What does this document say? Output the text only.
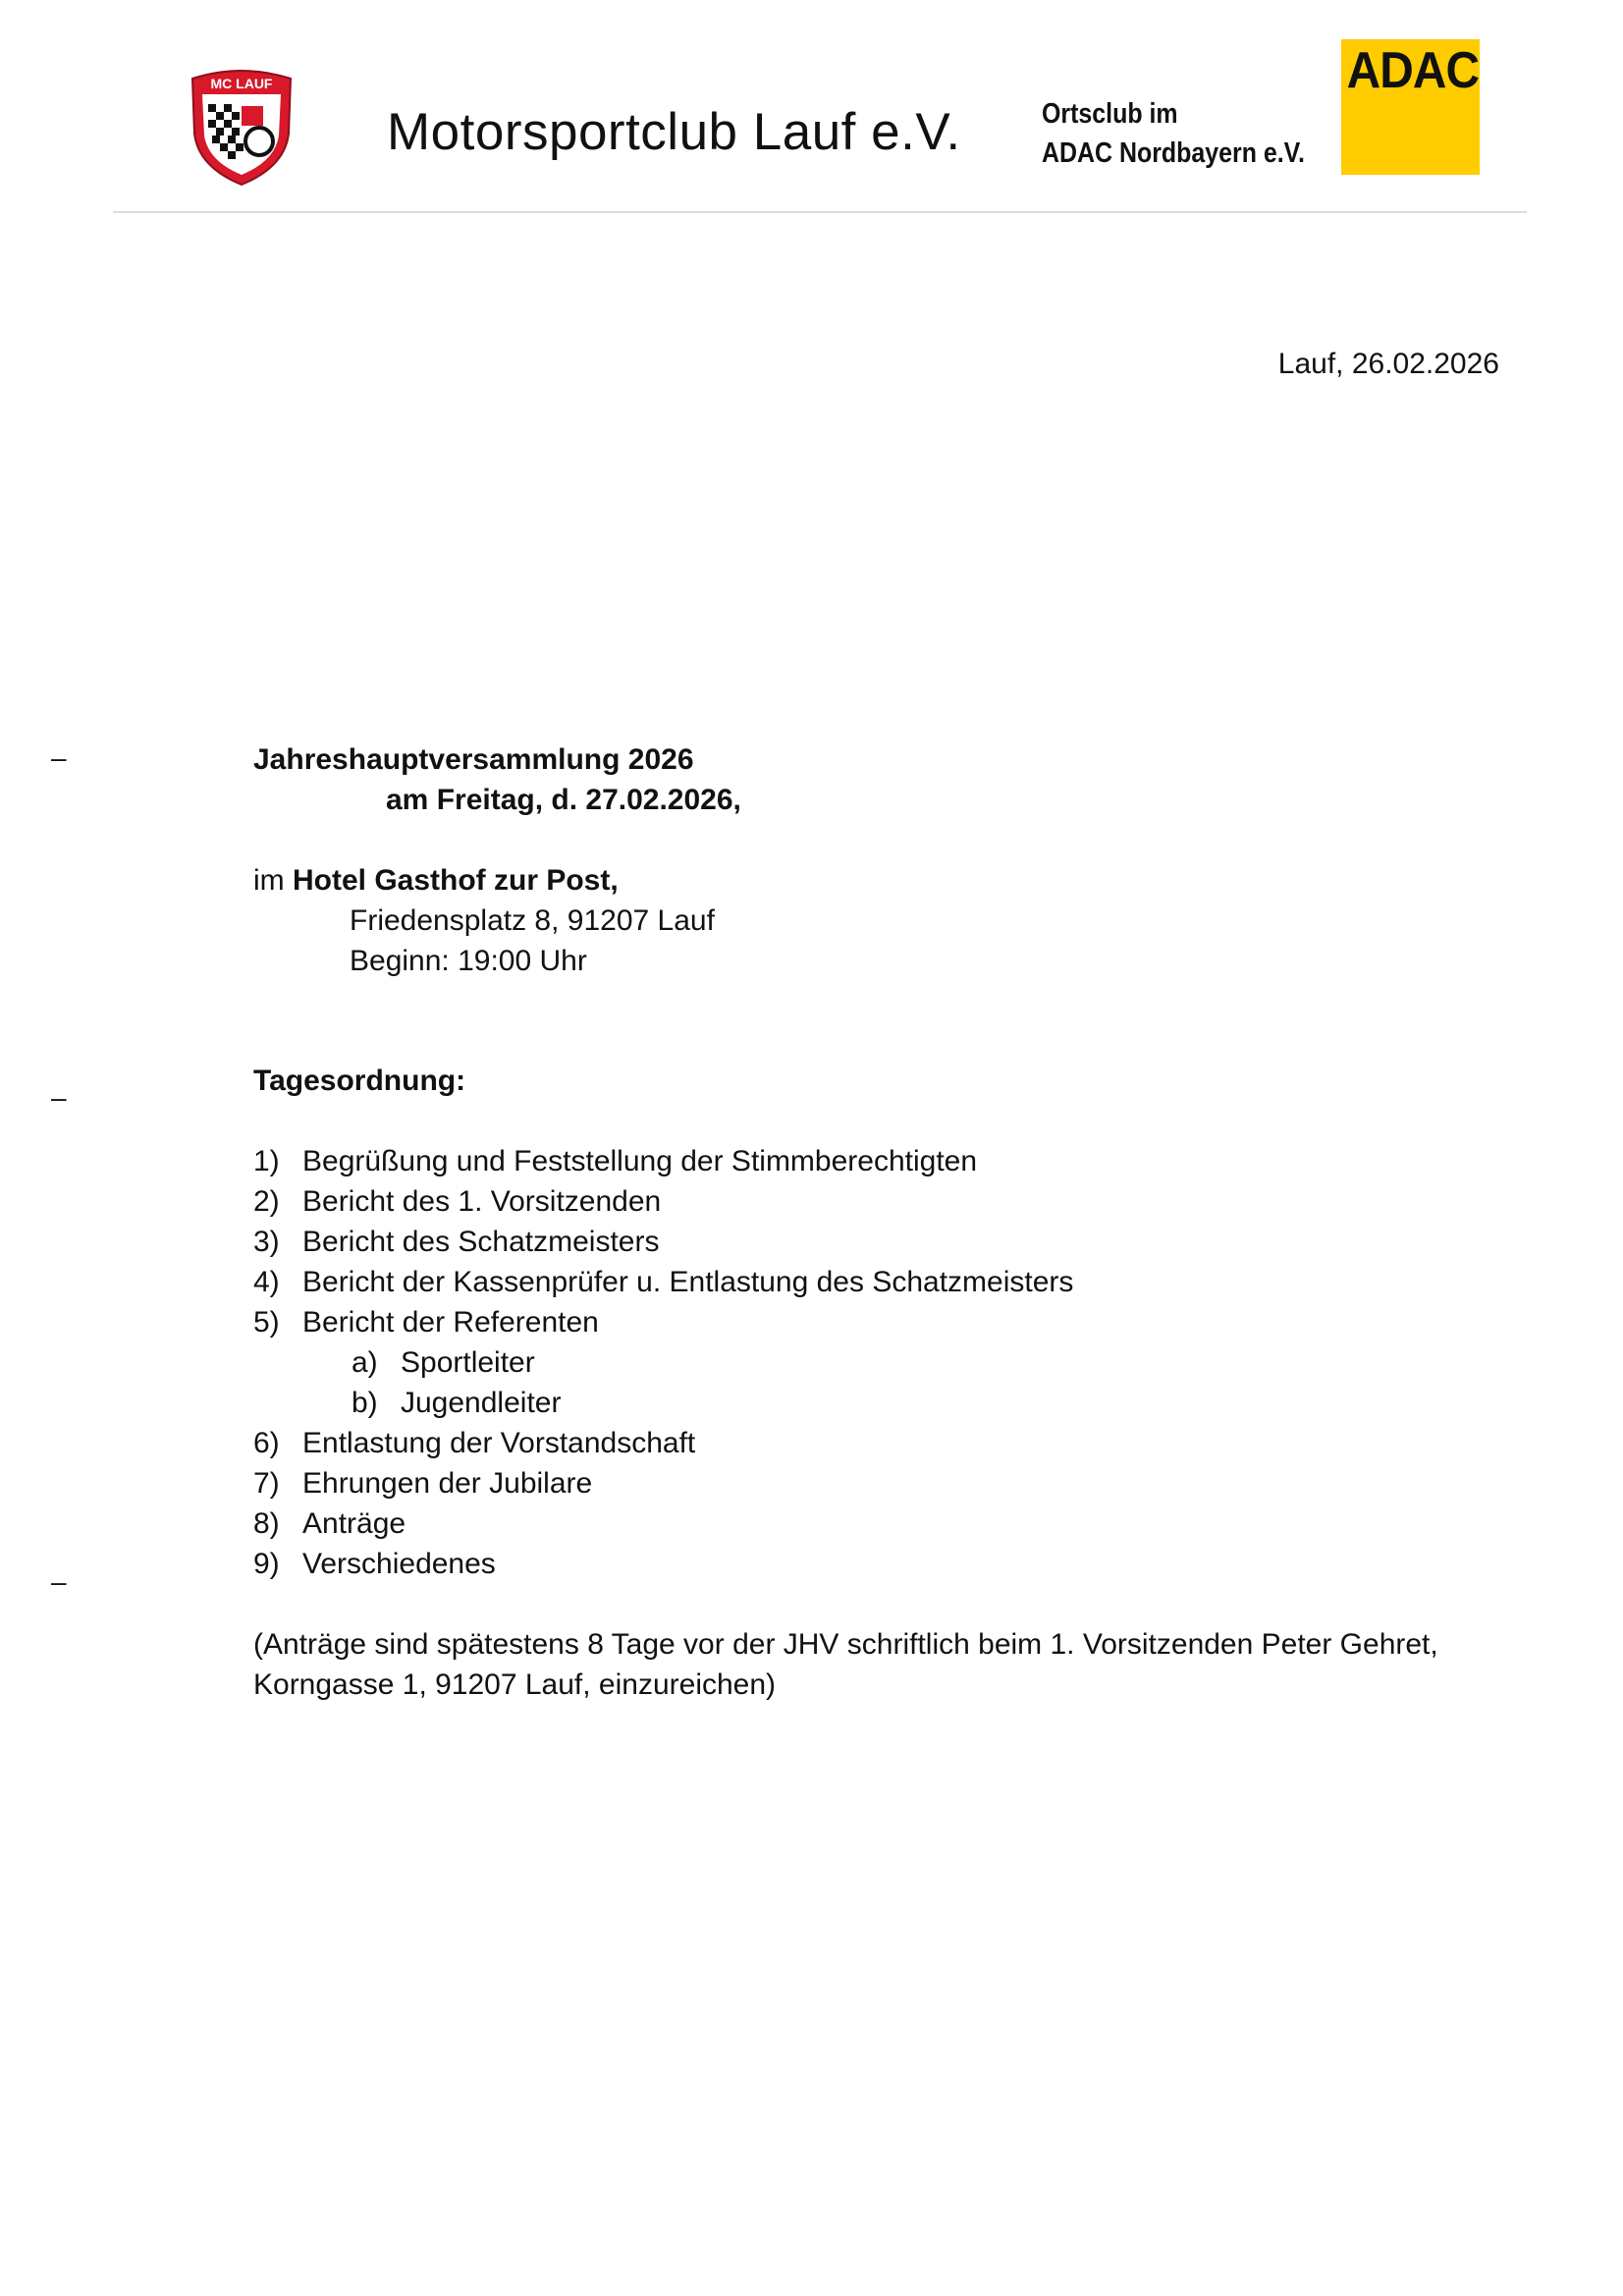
MC LAUF
Motorsportclub Lauf e.V.	Ortsclub im
ADAC Nordbayern e.V.
ADAC
Lauf, 26.02.2026
–
–
–
Jahreshauptversammlung 2026
am Freitag, d. 27.02.2026,
im Hotel Gasthof zur Post,
Friedensplatz 8, 91207 Lauf
Beginn: 19:00 Uhr
Tagesordnung:
1) Begrüßung und Feststellung der Stimmberechtigten
2) Bericht des 1. Vorsitzenden
3) Bericht des Schatzmeisters
4) Bericht der Kassenprüfer u. Entlastung des Schatzmeisters
5) Bericht der Referenten
a) Sportleiter
b) Jugendleiter
6) Entlastung der Vorstandschaft
7) Ehrungen der Jubilare
8) Anträge
9) Verschiedenes
(Anträge sind spätestens 8 Tage vor der JHV schriftlich beim 1. Vorsitzenden Peter Gehret,
Korngasse 1, 91207 Lauf, einzureichen)
